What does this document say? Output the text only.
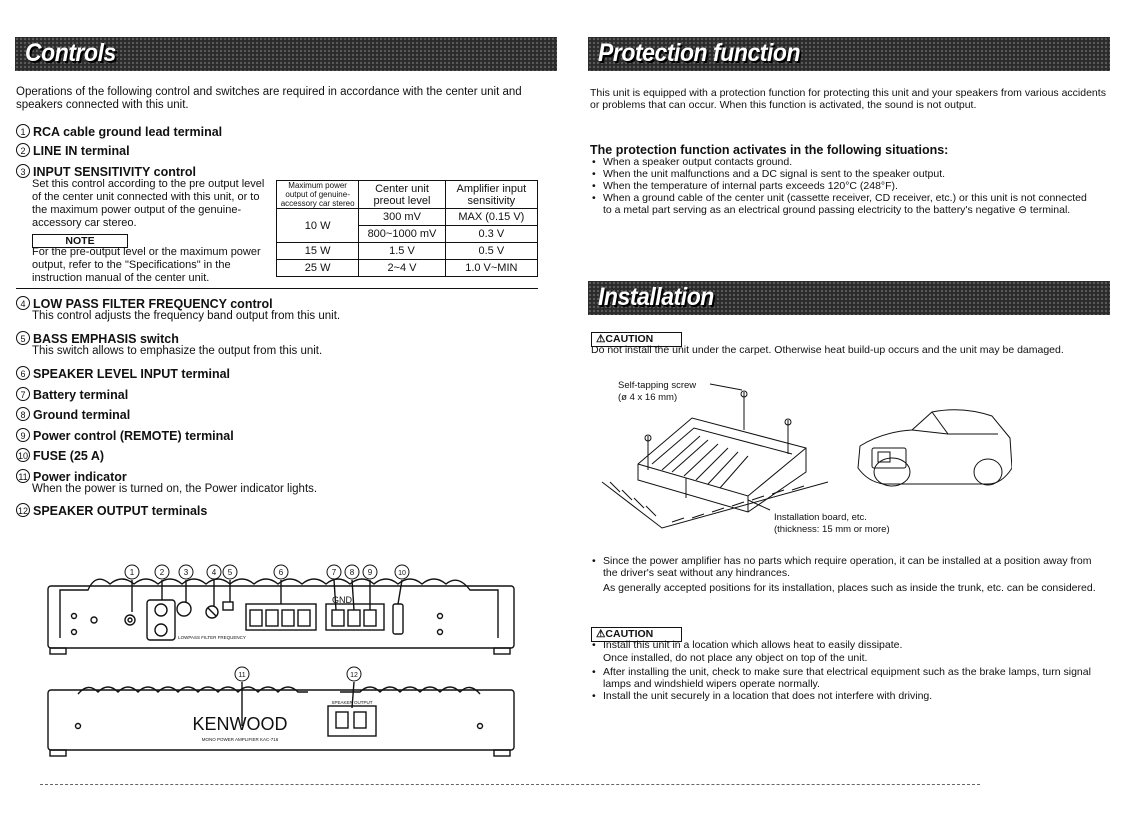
Controls
Operations of the following control and switches are required in accordance with the center unit and speakers connected with this unit.
1 RCA cable ground lead terminal
2 LINE IN terminal
3 INPUT SENSITIVITY control
Set this control according to the pre output level of the center unit connected with this unit, or to the maximum power output of the genuine-accessory car stereo.
NOTE
For the pre-output level or the maximum power output, refer to the "Specifications" in the instruction manual of the center unit.
Maximum power output of genuine-accessory car stereo	Center unit preout level	Amplifier input sensitivity
10 W	300 mV	MAX (0.15 V)
	800~1000 mV	0.3 V
15 W	1.5 V	0.5 V
25 W	2~4 V	1.0 V~MIN
4 LOW PASS FILTER FREQUENCY control
This control adjusts the frequency band output from this unit.
5 BASS EMPHASIS switch
This switch allows to emphasize the output from this unit.
6 SPEAKER LEVEL INPUT terminal
7 Battery terminal
8 Ground terminal
9 Power control (REMOTE) terminal
10 FUSE (25 A)
11 Power indicator
When the power is turned on, the Power indicator lights.
12 SPEAKER OUTPUT terminals
1	2 3	4 5	6	7 8 9	10
11	12
GND
LOWPASS FILTER FREQUENCY
SPEAKER OUTPUT
KENWOOD
MONO POWER AMPLIFIER KAC-716
Protection function
This unit is equipped with a protection function for protecting this unit and your speakers from various accidents or problems that can occur. When this function is activated, the sound is not output.
The protection function activates in the following situations:
• When a speaker output contacts ground.
• When the unit malfunctions and a DC signal is sent to the speaker output.
• When the temperature of internal parts exceeds 120°C (248°F).
• When a ground cable of the center unit (cassette receiver, CD receiver, etc.) or this unit is not connected to a metal part serving as an electrical ground passing electricity to the battery's negative ⊖ terminal.
Installation
⚠CAUTION
Do not install the unit under the carpet. Otherwise heat build-up occurs and the unit may be damaged.
Self-tapping screw
(ø 4 x 16 mm)
Installation board, etc.
(thickness: 15 mm or more)
• Since the power amplifier has no parts which require operation, it can be installed at a position away from the driver's seat without any hindrances.
As generally accepted positions for its installation, places such as inside the trunk, etc. can be considered.
⚠CAUTION
• Install this unit in a location which allows heat to easily dissipate.
Once installed, do not place any object on top of the unit.
• After installing the unit, check to make sure that electrical equipment such as the brake lamps, turn signal lamps and windshield wipers operate normally.
• Install the unit securely in a location that does not interfere with driving.
